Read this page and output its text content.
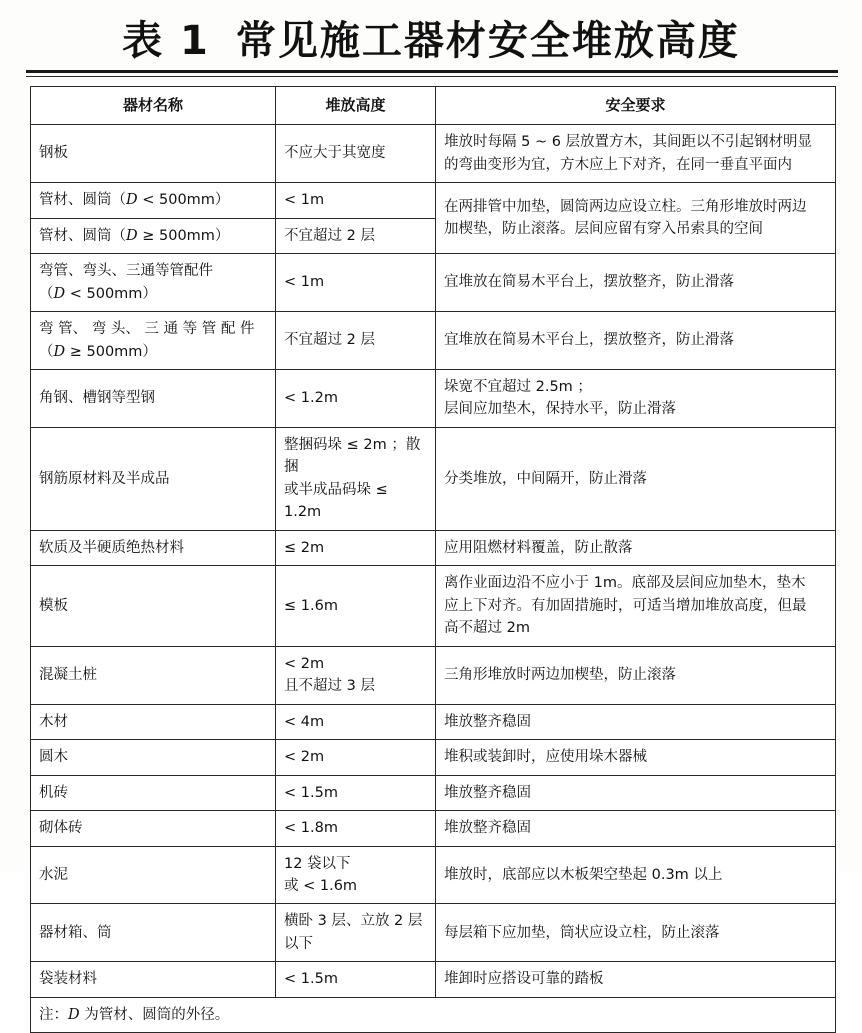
表 1 常见施工器材安全堆放高度
器材名称	堆放高度	安全要求
钢板	不应大于其宽度	堆放时每隔 5 ~ 6 层放置方木，其间距以不引起钢材明显
的弯曲变形为宜，方木应上下对齐，在同一垂直平面内
管材、圆筒（D < 500mm）	< 1m	在两排管中加垫，圆筒两边应设立柱。三角形堆放时两边
加楔垫，防止滚落。层间应留有穿入吊索具的空间
管材、圆筒（D ≥ 500mm）	不宜超过 2 层	
弯管、弯头、三通等管配件
（D < 500mm）	< 1m	宜堆放在简易木平台上，摆放整齐，防止滑落
弯 管、 弯 头、 三 通 等 管 配 件
（D ≥ 500mm）	不宜超过 2 层	宜堆放在简易木平台上，摆放整齐，防止滑落
角钢、槽钢等型钢	< 1.2m	垛宽不宜超过 2.5m ；
层间应加垫木，保持水平，防止滑落
钢筋原材料及半成品	整捆码垛 ≤ 2m ；散捆
或半成品码垛 ≤ 1.2m	分类堆放，中间隔开，防止滑落
软质及半硬质绝热材料	≤ 2m	应用阻燃材料覆盖，防止散落
模板	≤ 1.6m	离作业面边沿不应小于 1m。底部及层间应加垫木，垫木
应上下对齐。有加固措施时，可适当增加堆放高度，但最
高不超过 2m
混凝土桩	< 2m
且不超过 3 层	三角形堆放时两边加楔垫，防止滚落
木材	< 4m	堆放整齐稳固
圆木	< 2m	堆积或装卸时，应使用垛木器械
机砖	< 1.5m	堆放整齐稳固
砌体砖	< 1.8m	堆放整齐稳固
水泥	12 袋以下
或 < 1.6m	堆放时，底部应以木板架空垫起 0.3m 以上
器材箱、筒	横卧 3 层、立放 2 层
以下	每层箱下应加垫，筒状应设立柱，防止滚落
袋装材料	< 1.5m	堆卸时应搭设可靠的踏板
注：D 为管材、圆筒的外径。		
